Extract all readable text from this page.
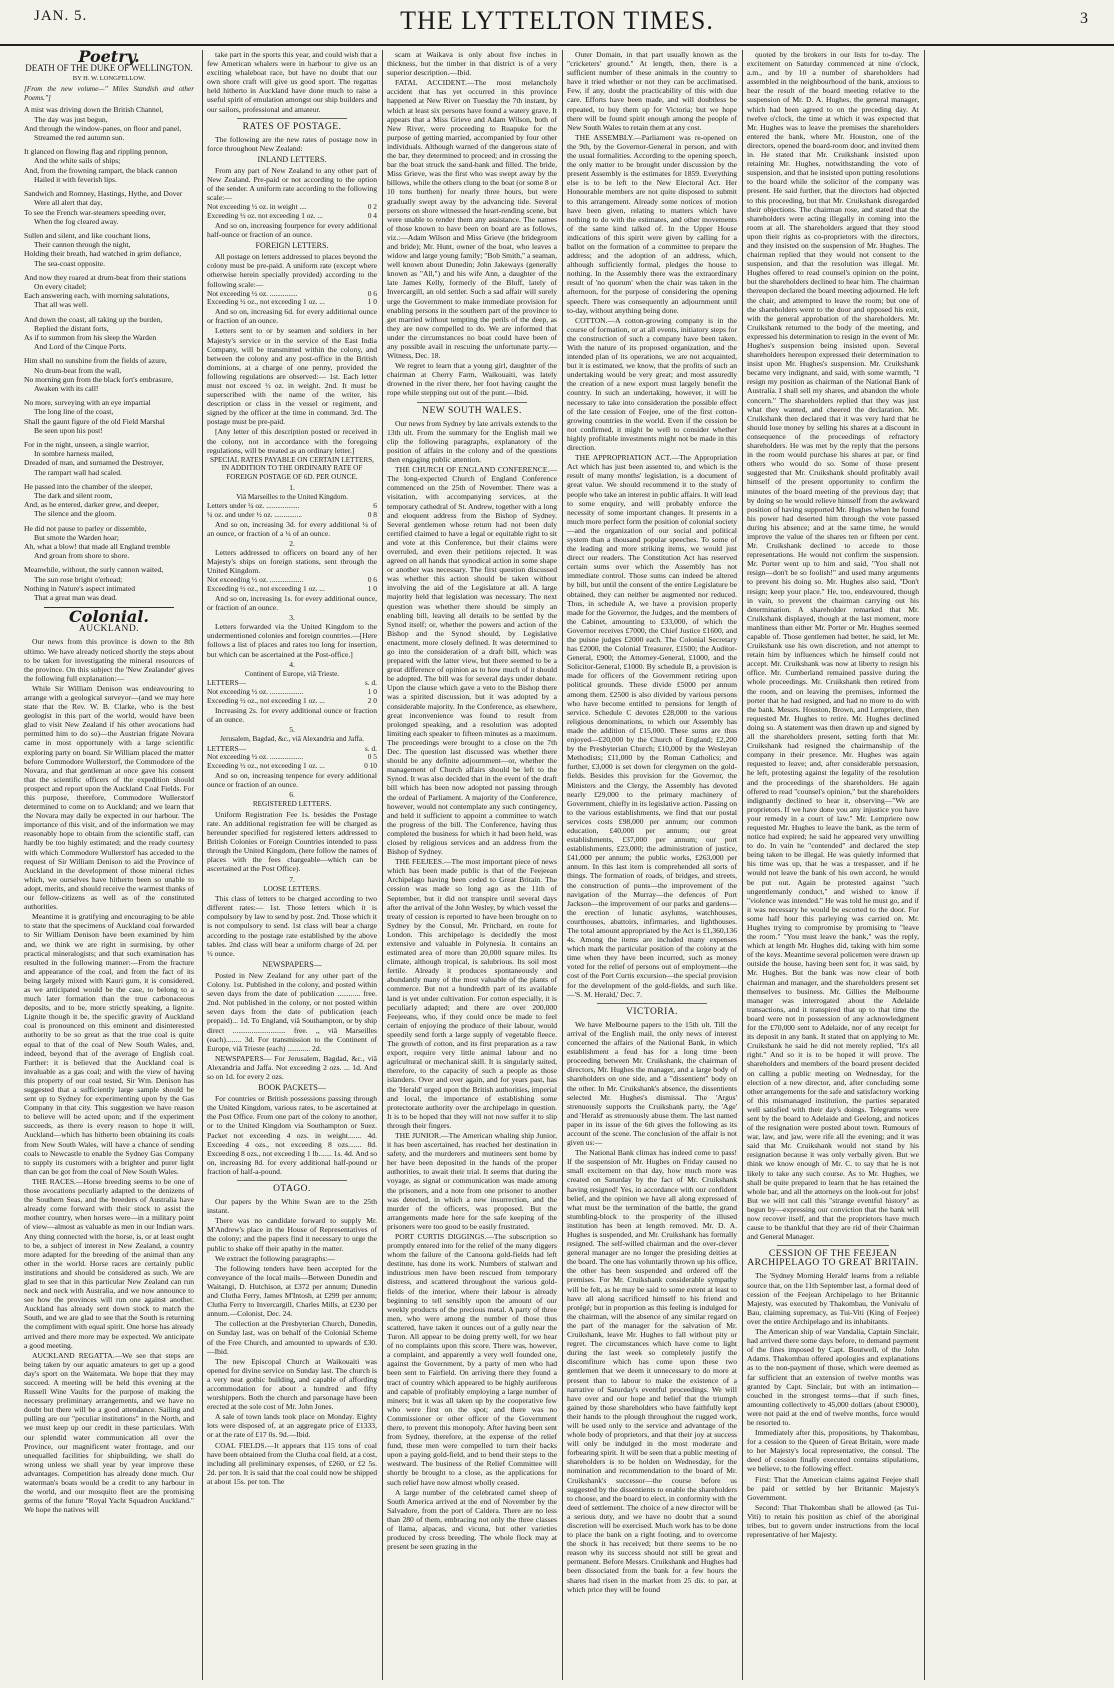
JAN. 5.	THE LYTTELTON TIMES.	3
Poetry.
DEATH OF THE DUKE OF WELLINGTON.
BY H. W. LONGFELLOW.

[From the new volume—" Miles Standish and other Poems."]

A mist was driving down the British Channel,
The day was just begun,
And through the window-panes, on floor and panel,
Streamed the red autumn sun.
It glanced on flowing flag and rippling pennon,
And the white sails of ships;
And, from the frowning rampart, the black cannon
Hailed it with feverish lips.
Sandwich and Romney, Hastings, Hythe, and Dover
Were all alert that day,
To see the French war-steamers speeding over,
When the fog cleared away.
Sullen and silent, and like couchant lions,
Their cannon through the night,
Holding their breath, had watched in grim defiance,
The sea-coast opposite.
And now they roared at drum-beat from their stations
On every citadel;
Each answering each, with morning salutations,
That all was well.
And down the coast, all taking up the burden,
Replied the distant forts,
As if to summon from his sleep the Warden
And Lord of the Cinque Ports.
Him shall no sunshine from the fields of azure,
No drum-beat from the wall,
No morning gun from the black fort's embrasure,
Awaken with its call!
No more, surveying with an eye impartial
The long line of the coast,
Shall the gaunt figure of the old Field Marshal
Be seen upon his post!
For in the night, unseen, a single warrior,
In sombre harness mailed,
Dreaded of man, and surnamed the Destroyer,
The rampart wall had scaled.
He passed into the chamber of the sleeper,
The dark and silent room,
And, as he entered, darker grew, and deeper,
The silence and the gloom.
He did not pause to parley or dissemble,
But smote the Warden hoar;
Ah, what a blow! that made all England tremble
And groan from shore to shore.
Meanwhile, without, the surly cannon waited,
The sun rose bright o'erhead;
Nothing in Nature's aspect intimated
That a great man was dead.
Colonial.
AUCKLAND.

Our news from this province is down to the 8th ultimo. We have already noticed shortly the steps about to be taken for investigating the mineral resources of the province. On this subject the 'New Zealander' gives the following full explanation:—

While Sir William Denison was endeavouring to arrange with a geological surveyor—(and we may here state that the Rev. W. B. Clarke, who is the best geologist in this part of the world, would have been glad to visit New Zealand if his other avocations had permitted him to do so)—the Austrian frigate Novara came in most opportunely with a large scientific exploring party on board. Sir William placed the matter before Commodore Wullerstorf, the Commodore of the Novara, and that gentleman at once gave his consent that the scientific officers of the expedition should prospect and report upon the Auckland Coal Fields. For this purpose, therefore, Commodore Wullerstorf determined to come on to Auckland; and we learn that the Novara may daily be expected in our harbour. The importance of this visit, and of the information we may reasonably hope to obtain from the scientific staff, can hardly be too highly estimated; and the ready courtesy with which Commodore Wullerstorf has acceded to the request of Sir William Denison to aid the Province of Auckland in the development of those mineral riches which, we ourselves have hitherto been so unable to adopt, merits, and should receive the warmest thanks of our fellow-citizens as well as of the constituted authorities.

Meantime it is gratifying and encouraging to be able to state that the specimens of Auckland coal forwarded to Sir William Denison have been examined by him and, we think we are right in surmising, by other practical mineralogists; and that such examination has resulted in the following manner:—From the fracture and appearance of the coal, and from the fact of its being largely mixed with Kauri gum, it is considered, as we anticipated would be the case, to belong to a much later formation than the true carbonaceous deposits, and to be, more strictly speaking, a lignite. Lignite though it be, the specific gravity of Auckland coal is pronounced on this eminent and disinterested authority to be so great as that the true coal is quite equal to that of the coal of New South Wales, and, indeed, beyond that of the average of English coal. Further: it is believed that the Auckland coal is invaluable as a gas coal; and with the view of having this property of our coal tested, Sir Wm. Denison has suggested that a sufficiently large sample should be sent up to Sydney for experimenting upon by the Gas Company in that city. This suggestion we have reason to believe will be acted upon; and if the experiment succeeds, as there is every reason to hope it will, Auckland—which has hitherto been obtaining its coals from New South Wales, will have a chance of sending coals to Newcastle to enable the Sydney Gas Company to supply its customers with a brighter and purer light than can be got from the coal of New South Wales.

THE RACES.—Horse breeding seems to be one of those avocations peculiarly adapted to the denizens of the Southern Seas, and the breeders of Australia have already come forward with their stock to assist the mother country, when horses were—in a military point of view—almost as valuable as men in our Indian wars. Any thing connected with the horse, is, or at least ought to be, a subject of interest in New Zealand, a country more adapted for the breeding of the animal than any other in the world. Horse races are certainly public institutions and should be considered as such. We are glad to see that in this particular New Zealand can run neck and neck with Australia, and we now announce to see how the provinces will run one against another. Auckland has already sent down stock to match the South, and we are glad to see that the South is returning the compliment with equal spirit. One horse has already arrived and there more may be expected. We anticipate a good meeting.

AUCKLAND REGATTA.—We see that steps are being taken by our aquatic amateurs to get up a good day's sport on the Waitemata. We hope that they may succeed. A meeting will be held this evening at the Russell Wine Vaults for the purpose of making the necessary preliminary arrangements, and we have no doubt but there will be a good attendance. Sailing and pulling are our "peculiar institutions" in the North, and we must keep up our credit in these particulars. With our splendid water communication all over the Province, our magnificent water frontage, and our unequalled facilities for shipbuilding, we shall do wrong unless we shall year by year improve these advantages. Competition has already done much. Our waterman's boats would be a credit to any harbour in the world, and our mosquito fleet are the promising germs of the future "Royal Yacht Squadron Auckland." We hope the natives will

take part in the sports this year, and could wish that a few American whalers were in harbour to give us an exciting whaleboat race, but have no doubt that our own shore craft will give us good sport. The regattas held hitherto in Auckland have done much to raise a useful spirit of emulation amongst our ship builders and our sailors, professional and amateur.

RATES OF POSTAGE.

The following are the new rates of postage now in force throughout New Zealand:

INLAND LETTERS.

From any part of New Zealand to any other part of New Zealand. Pre-paid or not according to the option of the sender. A uniform rate according to the following scale:—

Not exceeding ½ oz. in weight ....	0 2
Exceeding ½ oz. not exceeding 1 oz. ...	0 4

And so on, increasing fourpence for every additional half-ounce or fraction of an ounce.

FOREIGN LETTERS.

All postage on letters addressed to places beyond the colony must be pre-paid. A uniform rate (except where otherwise herein specially provided) according to the following scale:—

Not exceeding ½ oz. ...............	0 6
Exceeding ½ oz., not exceeding 1 oz. ...	1 0

And so on, increasing 6d. for every additional ounce or fraction of an ounce.

Letters sent to or by seamen and soldiers in her Majesty's service or in the service of the East India Company, will be transmitted within the colony, and between the colony and any post-office in the British dominions, at a charge of one penny, provided the following regulations are observed:— 1st. Each letter must not exceed ½ oz. in weight. 2nd. It must be superscribed with the name of the writer, his description or class in the vessel or regiment, and signed by the officer at the time in command. 3rd. The postage must be pre-paid.

[Any letter of this description posted or received in the colony, not in accordance with the foregoing regulations, will be treated as an ordinary letter.]

SPECIAL RATES PAYABLE ON CERTAIN LETTERS, IN ADDITION TO THE ORDINARY RATE OF FOREIGN POSTAGE OF 6D. PER OUNCE.
1.
Viâ Marseilles to the United Kingdom.
Letters under ¼ oz. ..................	6
¼ oz. and under ½ oz. ...............	0 8

And so on, increasing 3d. for every additional ¼ of an ounce, or fraction of a ¼ of an ounce.

2.

Letters addressed to officers on board any of her Majesty's ships on foreign stations, sent through the United Kingdom.

Not exceeding ½ oz. ..................	0 6
Exceeding ½ oz., not exceeding 1 oz. ...	1 0

And so on, increasing 1s. for every additional ounce, or fraction of an ounce.

3.

Letters forwarded via the United Kingdom to the undermentioned colonies and foreign countries.—[Here follows a list of places and rates too long for insertion, but which can be ascertained at the Post-office.]

4.
Continent of Europe, viâ Trieste.
LETTERS—	s. d.
Not exceeding ½ oz. ..................	1 0
Exceeding ½ oz., not exceeding 1 oz. ...	2 0

Increasing 2s. for every additional ounce or fraction of an ounce.

5.
Jerusalem, Bagdad, &c., viâ Alexandria and Jaffa.
LETTERS—	s. d.
Not exceeding ½ oz. ..................	0 5
Exceeding ½ oz., not exceeding 1 oz. ...	0 10

And so on, increasing tenpence for every additional ounce or fraction of an ounce.

6.
REGISTERED LETTERS.

Uniform Registration Fee 1s. besides the Postage rate. An additional registration fee will be charged as hereunder specified for registered letters addressed to British Colonies or Foreign Countries intended to pass through the United Kingdom, (here follow the names of places with the fees chargeable—which can be ascertained at the Post Office).

7.
LOOSE LETTERS.

This class of letters to be charged according to two different rates:— 1st. Those letters which it is compulsory by law to send by post. 2nd. Those which it is not compulsory to send. 1st class will bear a charge according to the postage rate established by the above tables. 2nd class will bear a uniform charge of 2d. per ½ ounce.

NEWSPAPERS—

Posted in New Zealand for any other part of the Colony. 1st. Published in the colony, and posted within seven days from the date of publication ............ free. 2nd. Not published in the colony, or not posted within seven days from the date of publication (each prepaid)... 1d. To England, viâ Southampton, or by ship direct ............................ free. ,, viâ Marseilles (each)........ 3d. For transmission to the Continent of Europe, viâ Trieste (each) ............ 2d.

NEWSPAPERS— For Jerusalem, Bagdad, &c., viâ Alexandria and Jaffa. Not exceeding 2 ozs. ... 1d. And so on 1d. for every 2 ozs.

BOOK PACKETS—

For countries or British possessions passing through the United Kingdom, various rates, to be ascertained at the Post Office. From one part of the colony to another, or to the United Kingdom via Southampton or Suez. Packet not exceeding 4 ozs. in weight....... 4d. Exceeding 4 ozs., not exceeding 8 ozs....... 8d. Exceeding 8 ozs., not exceeding 1 lb....... 1s. 4d. And so on, increasing 8d. for every additional half-pound or fraction of half-a-pound.

OTAGO.

Our papers by the White Swan are to the 25th instant.

There was no candidate forward to supply Mr. M'Andrew's place in the House of Representatives of the colony; and the papers find it necessary to urge the public to shake off their apathy in the matter.

We extract the following paragraphs:—

The following tenders have been accepted for the conveyance of the local mails—Between Dunedin and Waitangi, D. Hutchison, at £372 per annum; Dunedin and Clutha Ferry, James M'Intosh, at £299 per annum; Clutha Ferry to Invercargill, Charles Mills, at £230 per annum.—Colonist, Dec. 24.

The collection at the Presbyterian Church, Dunedin, on Sunday last, was on behalf of the Colonial Scheme of the Free Church, and amounted to upwards of £30.—Ibid.

The new Episcopal Church at Waikouaiti was opened for divine service on Sunday last. The church is a very neat gothic building, and capable of affording accommodation for about a hundred and fifty worshippers. Both the church and parsonage have been erected at the sole cost of Mr. John Jones.

A sale of town lands took place on Monday. Eighty lots were disposed of, at an aggregate price of £1333, or at the rate of £17 0s. 9d.—Ibid.

COAL FIELDS.—It appears that 115 tons of coal have been obtained from the Clutha coal field, at a cost, including all preliminary expenses, of £260, or £2 5s. 2d. per ton. It is said that the coal could now be shipped at about 15s. per ton. The

scam at Waikava is only about five inches in thickness, but the timber in that district is of a very superior description.—Ibid.

FATAL ACCIDENT.—The most melancholy accident that has yet occurred in this province happened at New River on Tuesday the 7th instant, by which at least six persons have found a watery grave. It appears that a Miss Grieve and Adam Wilson, both of New River, were proceeding to Ruapuke for the purpose of getting married, accompanied by four other individuals. Although warned of the dangerous state of the bar, they determined to proceed; and in crossing the bar the boat struck the sand-bank and filled. The bride, Miss Grieve, was the first who was swept away by the billows, while the others clung to the boat (or some 8 or 10 tons burthen) for nearly three hours, but were gradually swept away by the advancing tide. Several persons on shore witnessed the heart-rending scene, but were unable to render them any assistance. The names of those known to have been on board are as follows, viz.:—Adam Wilson and Miss Grieve (the bridegroom and bride); Mr. Hunt, owner of the boat, who leaves a widow and large young family; "Bob Smith," a seaman, well known about Dunedin; John Jakeways (generally known as "All,") and his wife Ann, a daughter of the late James Kelly, formerly of the Bluff, lately of Invercargill, an old settler. Such a sad affair will surely urge the Government to make immediate provision for enabling persons in the southern part of the province to get married without tempting the perils of the deep, as they are now compelled to do. We are informed that under the circumstances no boat could have been of any possible avail in rescuing the unfortunate party.—Witness, Dec. 18.

We regret to learn that a young girl, daughter of the chairman at Cherry Farm, Waikouaiti, was lately drowned in the river there, her foot having caught the rope while stepping out out of the punt.—Ibid.

NEW SOUTH WALES.

Our news from Sydney by late arrivals extends to the 13th ult. From the summary for the English mail we clip the following paragraphs, explanatory of the position of affairs in the colony and of the questions then engaging public attention.

THE CHURCH OF ENGLAND CONFERENCE.—The long-expected Church of England Conference commenced on the 25th of November. There was a visitation, with accompanying services, at the temporary cathedral of St. Andrew, together with a long and eloquent address from the Bishop of Sydney. Several gentlemen whose return had not been duly certified claimed to have a legal or equitable right to sit and vote at this Conference, but their claims were overruled, and even their petitions rejected. It was agreed on all hands that synodical action in some shape or another was necessary. The first question discussed was whether this action should be taken without involving the aid of the Legislature at all. A large majority held that legislation was necessary. The next question was whether there should be simply an enabling bill, leaving all details to be settled by the Synod itself; or, whether the powers and action of the Bishop and the Synod should, by Legislative enactment, more closely defined. It was determined to go into the consideration of a draft bill, which was prepared with the latter view, but there seemed to be a great difference of opinion as to how much of it should be adopted. The bill was for several days under debate. Upon the clause which gave a veto to the Bishop there was a spirited discussion, but it was adopted by a considerable majority. In the Conference, as elsewhere, great inconvenience was found to result from prolonged speaking, and a resolution was adopted limiting each speaker to fifteen minutes as a maximum. The proceedings were brought to a close on the 7th Dec. The question last discussed was whether there should be any definite adjournment—or, whether the management of Church affairs should be left to the Synod. It was also decided that in the event of the draft bill which has been now adopted not passing through the ordeal of Parliament. A majority of the Conference, however, would not contemplate any such contingency, and held it sufficient to appoint a committee to watch the progress of the bill. The Conference, having thus completed the business for which it had been held, was closed by religious services and an address from the Bishop of Sydney.

THE FEEJEES.—The most important piece of news which has been made public is that of the Feejeean Archipelago having been ceded to Great Britain. The cession was made so long ago as the 11th of September, but it did not transpire until several days after the arrival of the John Wesley, by which vessel the treaty of cession is reported to have been brought on to Sydney by the Consul, Mr. Pritchard, en route for London. This archipelago is decidedly the most extensive and valuable in Polynesia. It contains an estimated area of more than 20,000 square miles. Its climate, although tropical, is salubrious. Its soil most fertile. Already it produces spontaneously and abundantly many of the most valuable of the plants of commerce. But not a hundredth part of its available land is yet under cultivation. For cotton especially, it is peculiarly adapted; and there are over 200,000 Feejeeans, who, if they could once be made to feel certain of enjoying the produce of their labour, would speedily send forth a large supply of vegetable fleece. The growth of cotton, and its first preparation as a raw export, require very little animal labour and no agricultural or mechanical skill. It is singularly suited, therefore, to the capacity of such a people as those islanders. Over and over again, and for years past, has the 'Herald' urged upon the British authorities, imperial and local, the importance of establishing some protectorate authority over the archipelago in question. It is to be hoped that they will not now suffer it to slip through their fingers.

THE JUNIOR.—The American whaling ship Junior, it has been ascertained, has reached her destination in safety, and the murderers and mutineers sent home by her have been deposited in the hands of the proper authorities, to await their trial. It seems that during the voyage, as signal or communication was made among the prisoners, and a note from one prisoner to another was detected, in which a new insurrection, and the murder of the officers, was proposed. But the arrangements made here for the safe keeping of the prisoners were too good to be easily frustrated.

PORT CURTIS DIGGINGS.—The subscription so promptly entered into for the relief of the many diggers whom the failure of the Canoona gold-fields had left destitute, has done its work. Numbers of stalwart and industrious men have been rescued from temporary distress, and scattered throughout the various gold-fields of the interior, where their labour is already beginning to tell sensibly upon the amount of our weekly products of the precious metal. A party of three men, who were among the number of those thus scattered, have taken it ounces out of a gully near the Turon. All appear to be doing pretty well, for we hear of no complaints upon this score. There was, however, a complaint, and apparently a very well founded one, against the Government, by a party of men who had been sent to Fairfield. On arriving there they found a tract of country which appeared to be highly auriferous and capable of profitably employing a large number of miners; but it was all taken up by the cooperative few who were first on the spot; and there was no Commissioner or other officer of the Government there, to prevent this monopoly. After having been sent from Sydney, therefore, at the expense of the relief fund, these men were compelled to turn their backs upon a paying gold-field, and to bend their steps to the westward. The business of the Relief Committee will shortly be brought to a close, as the applications for such relief have now almost wholly ceased.

A large number of the celebrated camel sheep of South America arrived at the end of November by the Salvadore, from the port of Caldera. There are no less than 280 of them, embracing not only the three classes of llama, alpacas, and vicuna, but other varieties produced by cross breeding. The whole flock may at present be seen grazing in the

Outer Domain, in that part usually known as the "cricketers' ground." At length, then, there is a sufficient number of these animals in the country to have it tried whether or not they can be acclimatised. Few, if any, doubt the practicability of this with due care. Efforts have been made, and will doubtless be repeated, to buy them up for Victoria; but we hope there will be found spirit enough among the people of New South Wales to retain them at any cost.

THE ASSEMBLY.—Parliament was re-opened on the 9th, by the Governor-General in person, and with the usual formalities. According to the opening speech, the only matter to be brought under discussion by the present Assembly is the estimates for 1859. Everything else is to be left to the New Electoral Act. Her Honourable members are not quite disposed to submit to this arrangement. Already some notices of motion have been given, relating to matters which have nothing to do with the estimates, and other movements of the same kind talked of. In the Upper House indications of this spirit were given by calling for a ballot on the formation of a committee to prepare the address; and the adoption of an address, which, although sufficiently formal, pledges the house to nothing. In the Assembly there was the extraordinary result of 'no quorum' when the chair was taken in the afternoon, for the purpose of considering the opening speech. There was consequently an adjournment until to-day, without anything being done.

COTTON.—A cotton-growing company is in the course of formation, or at all events, initiatory steps for the construction of such a company have been taken. With the nature of its proposed organization, and the intended plan of its operations, we are not acquainted, but it is estimated, we know, that the profits of such an undertaking would be very great; and most assuredly the creation of a new export must largely benefit the country. In such an undertaking, however, it will be necessary to take into consideration the possible effect of the late cession of Feejee, one of the first cotton-growing countries in the world. Even if the cession be not confirmed, it might be well to consider whether highly profitable investments might not be made in this direction.

THE APPROPRIATION ACT.—The Appropriation Act which has just been assented to, and which is the result of many months' legislation, is a document of great value. We should recommend it to the study of people who take an interest in public affairs. It will lead to some enquiry, and will probably enforce the necessity of some important changes. It presents in a much more perfect form the position of colonial society—and the organization of our social and political system than a thousand popular speeches. To some of the leading and more striking items, we would just direct our readers. The Constitution Act has reserved certain sums over which the Assembly has not immediate control. Those sums can indeed be altered by bill, but until the consent of the entire Legislature be obtained, they can neither be augmented nor reduced. Thus, in schedule A, we have a provision properly made for the Governor, the Judges, and the members of the Cabinet, amounting to £33,000, of which the Governor receives £7000, the Chief Justice £1600, and the puisne judges £2000 each. The Colonial Secretary has £2000, the Colonial Treasurer, £1500; the Auditor-General, £900; the Attorney-General, £1000, and the Solicitor-General, £1000. By schedule B, a provision is made for officers of the Government retiring upon political grounds. These divide £5000 per annum among them. £2500 is also divided by various persons who have become entitled to pensions for length of service. Schedule C devotes £28,000 to the various religious denominations, to which our Assembly has made the addition of £15,000. These sums are thus enjoyed—£20,000 by the Church of England; £2,200 by the Presbyterian Church; £10,000 by the Wesleyan Methodists; £11,000 by the Roman Catholics; and further, £3,000 is set down for clergymen on the gold-fields. Besides this provision for the Governor, the Ministers and the Clergy, the Assembly has devoted nearly £29,000 to the primary machinery of Government, chiefly in its legislative action. Passing on to the various establishments, we find that our postal services costs £98,000 per annum; our common education, £40,000 per annum; our great establishments, £37,000 per annum; our port establishments, £23,000; the administration of justice, £41,000 per annum; the public works, £263,000 per annum. In this last item is comprehended all sorts of things. The formation of roads, of bridges, and streets, the construction of punts—the improvement of the navigation of the Murray—the defences of Port Jackson—the improvement of our parks and gardens—the erection of lunatic asylums, watchhouses, courthouses, abattoirs, infirmaries, and lighthouses. The total amount appropriated by the Act is £1,360,136 4s. Among the items are included many expenses which mark the particular position of the colony at the time when they have been incurred, such as money voted for the relief of persons out of employment—the cost of the Port Curtis excursion—the special provision for the development of the gold-fields, and such like.—'S. M. Herald,' Dec. 7.

VICTORIA.

We have Melbourne papers to the 15th ult. Till the arrival of the English mail, the only news of interest concerned the affairs of the National Bank, in which establishment a feud has for a long time been proceeding between Mr. Cruikshank, the chairman of directors, Mr. Hughes the manager, and a large body of shareholders on one side, and a "dissentient" body on the other. In Mr. Cruikshank's absence, the dissentients selected Mr. Hughes's dismissal. The 'Argus' strenuously supports the Cruikshank party, the 'Age' and 'Herald' as strenuously abuse them. The last named paper in its issue of the 6th gives the following as its account of the scene. The conclusion of the affair is not given us:—

The National Bank climax has indeed come to pass! If the suspension of Mr. Hughes on Friday caused no small excitement on that day, how much more was created on Saturday by the fact of Mr. Cruikshank having resigned! Yes, in accordance with our confident belief, and the opinion we have all along expressed of what must be the termination of the battle, the grand stumbling-block to the prosperity of the illused institution has been at length removed. Mr. D. A. Hughes is suspended, and Mr. Cruikshank has formally resigned. The self-willed chairman and the over-clever general manager are no longer the presiding deities at the board. The one has voluntarily thrown up his office, the other has been suspended and ordered off the premises. For Mr. Cruikshank considerable sympathy will be felt, as he may be said to some extent at least to have all along sacrificed himself to his friend and protégé; but in proportion as this feeling is indulged for the chairman, will the absence of any similar regard on the part of the manager for the salvation of Mr. Cruikshank, leave Mr. Hughes to fall without pity or regret. The circumstances which have come to light during the last week so completely justify the discomfiture which has come upon these two gentlemen that we deem it unnecessary to do more at present than to labour to make the existence of a narrative of Saturday's eventful proceedings. We will have over and our hope and belief that the triumph gained by those shareholders who have faithfully kept their hands to the plough throughout the rugged work, will be used only to the service and advantage of the whole body of proprietors, and that their joy at success will only be indulged in the most moderate and forbearing spirit. It will be seen that a public meeting of shareholders is to be holden on Wednesday, for the nomination and recommendation to the board of Mr. Cruikshank's successor—the course before us suggested by the dissentients to enable the shareholders to choose, and the board to elect, in conformity with the deed of settlement. The choice of a new director will be a serious duty, and we have no doubt that a sound discretion will be exercised. Much work has to be done to place the bank on a right footing, and to overcome the shock it has received; but there seems to be no reason why its success should not still be great and permanent. Before Messrs. Cruikshank and Hughes had been dissociated from the bank for a few hours the shares had risen in the market from 25 dis. to par, at which price they will be found

quoted by the brokers in our lists for to-day. The excitement on Saturday commenced at nine o'clock, a.m., and by 10 a number of shareholders had assembled in the neighbourhood of the bank, anxious to hear the result of the board meeting relative to the suspension of Mr. D. A. Hughes, the general manager, which had been agreed to on the preceding day. At twelve o'clock, the time at which it was expected that Mr. Hughes was to leave the premises the shareholders entered the bank, where Mr. Houston, one of the directors, opened the board-room door, and invited them in. He stated that Mr. Cruikshank insisted upon retaining Mr. Hughes, notwithstanding the vote of suspension, and that he insisted upon putting resolutions to the board while the solicitor of the company was present. He said further, that the directors had objected to this proceeding, but that Mr. Cruikshank disregarded their objections. The chairman rose, and stated that the shareholders were acting illegally in coming into the room at all. The shareholders argued that they stood upon their rights as co-proprietors with the directors, and they insisted on the suspension of Mr. Hughes. The chairman replied that they would not consent to the suspension, and that the resolution was illegal. Mr. Hughes offered to read counsel's opinion on the point, but the shareholders declined to hear him. The chairman thereupon declared the board meeting adjourned. He left the chair, and attempted to leave the room; but one of the shareholders went to the door and opposed his exit, with the general approbation of the shareholders. Mr. Cruikshank returned to the body of the meeting, and expressed his determination to resign in the event of Mr. Hughes's suspension being insisted upon. Several shareholders hereupon expressed their determination to insist upon Mr. Hughes's suspension. Mr. Cruikshank became very indignant, and said, with some warmth, "I resign my position as chairman of the National Bank of Australia. I shall sell my shares, and abandon the whole concern." The shareholders replied that they was just what they wanted, and cheered the declaration. Mr. Cruikshank then declared that it was very hard that he should lose money by selling his shares at a discount in consequence of the proceedings of refractory shareholders. He was met by the reply that the persons in the room would purchase his shares at par, or find others who would do so. Some of those present suggested that Mr. Cruikshank should profitably avail himself of the present opportunity to confirm the minutes of the board meeting of the previous day; that by doing so he would relieve himself from the awkward position of having supported Mr. Hughes when he found his power had deserted him through the vote passed during his absence; and at the same time, he would improve the value of the shares ten or fifteen per cent. Mr. Cruikshank declined to accede to those representations. He would not confirm the suspension. Mr. Porter went up to him and said, "You shall not resign—don't be so foolish!" and used many arguments to prevent his doing so. Mr. Hughes also said, "Don't resign; keep your place." He, too, endeavoured, though in vain, to prevent the chairman carrying out his determination. A shareholder remarked that Mr. Cruikshank displayed, though at the last moment, more manliness than either Mr. Porter or Mr. Hughes seemed capable of. Those gentlemen had better, he said, let Mr. Cruikshank use his own discretion, and not attempt to retain him by influences which he himself could not accept. Mr. Cruikshank was now at liberty to resign his office. Mr. Cumberland remained passive during the whole proceedings. Mr. Cruikshank then retired from the room, and on leaving the premises, informed the porter that he had resigned, and had no more to do with the bank. Messrs. Houston, Brown, and Lempriere, then requested Mr. Hughes to retire. Mr. Hughes declined doing so. A statement was then drawn up and signed by all the shareholders present, setting forth that Mr. Cruikshank had resigned the chairmanship of the company in their presence. Mr. Hughes was again requested to leave; and, after considerable persuasion, he left, protesting against the legality of the resolution and the proceedings of the shareholders. He again offered to read "counsel's opinion," but the shareholders indignantly declined to hear it, observing—"We are proprietors. If we have done you any injustice you have your remedy in a court of law." Mr. Lempriere now requested Mr. Hughes to leave the bank, as the term of notice had expired; he said he appeared very unwilling to do. In vain he "contended" and declared the step being taken to be illegal. He was quietly informed that his time was up, that he was a trespasser, and if he would not leave the bank of his own accord, he would be put out. Again he protested against "such ungentlemanly conduct," and wished to know if "violence was intended." He was told he must go, and if it was necessary he would be escorted to the door. For some half hour this parleying was carried on. Mr. Hughes trying to compromise by promising to "leave the room." "You must leave the bank," was the reply, which at length Mr. Hughes did, taking with him some of the keys. Meantime several policemen were drawn up outside the house, having been sent for, it was said, by Mr. Hughes. But the bank was now clear of both chairman and manager, and the shareholders present set themselves to business. Mr. Gillies the Melbourne manager was interrogated about the Adelaide transactions, and it transpired that up to that time the board were not in possession of any acknowledgment for the £70,000 sent to Adelaide, nor of any receipt for its deposit in any bank. It stated that on applying to Mr. Cruikshank he said he did not merely replied, "It's all right." And so it is to be hoped it will prove. The shareholders and members of the board present decided on calling a public meeting on Wednesday, for the election of a new director, and, after concluding some other arrangements for the safe and satisfactory working of this mismanaged institution, the parties separated well satisfied with their day's doings. Telegrams were sent by the board to Adelaide and Geelong, and notices of the resignation were posted about town. Rumours of war, law, and jaw, were rife all the evening; and it was said that Mr. Cruikshank would not stand by his resignation because it was only verbally given. But we think we know enough of Mr. C. to say that he is not likely to take any such course. As to Mr. Hughes, we shall be quite prepared to learn that he has retained the whole bar, and all the attorneys on the look-out for jobs! But we will not call this "strange eventful history" as begun by—expressing our conviction that the bank will now recover itself, and that the proprietors have much cause to be thankful that they are rid of their Chairman and General Manager.

CESSION OF THE FEEJEAN ARCHIPELAGO TO GREAT BRITAIN.

The 'Sydney Morning Herald' learns from a reliable source that, on the 11th September last, a formal deed of cession of the Feejean Archipelago to her Britannic Majesty, was executed by Thakombau, the Vunivalu of Bau, claiming supremacy, as Tui-Viti (King of Feejee) over the entire Archipelago and its inhabitants.

The American ship of war Vandalia, Captain Sinclair, had arrived there some days before, to demand payment of the fines imposed by Capt. Boutwell, of the John Adams. Thakombau offered apologies and explanations as to the non-payment of those, which were deemed as far sufficient that an extension of twelve months was granted by Capt. Sinclair, but with an intimation—couched in the strongest terms—that if such fines, amounting collectively to 45,000 dollars (about £9000), were not paid at the end of twelve months, force would be resorted to.

Immediately after this, propositions, by Thakombau, for a cession to the Queen of Great Britain, were made to her Majesty's local representative, the consul. The deed of cession finally executed contains stipulations, we believe, to the following effect.

First: That the American claims against Feejee shall be paid or settled by her Britannic Majesty's Government.

Second: That Thakombau shall be allowed (as Tui-Viti) to retain his position as chief of the aboriginal tribes, but to govern under instructions from the local representative of her Majesty.
